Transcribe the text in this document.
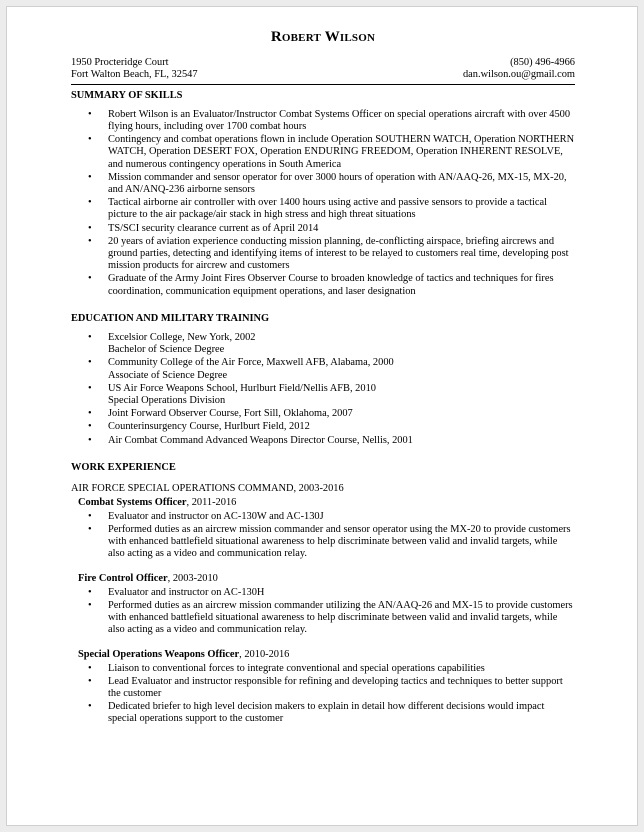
Robert Wilson
1950 Procteridge Court
Fort Walton Beach, FL, 32547
(850) 496-4966
dan.wilson.ou@gmail.com
SUMMARY OF SKILLS
• Robert Wilson is an Evaluator/Instructor Combat Systems Officer on special operations aircraft with over 4500 flying hours, including over 1700 combat hours
• Contingency and combat operations flown in include Operation SOUTHERN WATCH, Operation NORTHERN WATCH, Operation DESERT FOX, Operation ENDURING FREEDOM, Operation INHERENT RESOLVE, and numerous contingency operations in South America
• Mission commander and sensor operator for over 3000 hours of operation with AN/AAQ-26, MX-15, MX-20, and AN/ANQ-236 airborne sensors
• Tactical airborne air controller with over 1400 hours using active and passive sensors to provide a tactical picture to the air package/air stack in high stress and high threat situations
• TS/SCI security clearance current as of April 2014
• 20 years of aviation experience conducting mission planning, de-conflicting airspace, briefing aircrews and ground parties, detecting and identifying items of interest to be relayed to customers real time, developing post mission products for aircrew and customers
• Graduate of the Army Joint Fires Observer Course to broaden knowledge of tactics and techniques for fires coordination, communication equipment operations, and laser designation
EDUCATION AND MILITARY TRAINING
• Excelsior College, New York, 2002
Bachelor of Science Degree
• Community College of the Air Force, Maxwell AFB, Alabama, 2000
Associate of Science Degree
• US Air Force Weapons School, Hurlburt Field/Nellis AFB, 2010
Special Operations Division
• Joint Forward Observer Course, Fort Sill, Oklahoma, 2007
• Counterinsurgency Course, Hurlburt Field, 2012
• Air Combat Command Advanced Weapons Director Course, Nellis, 2001
WORK EXPERIENCE
AIR FORCE SPECIAL OPERATIONS COMMAND, 2003-2016
Combat Systems Officer, 2011-2016
• Evaluator and instructor on AC-130W and AC-130J
• Performed duties as an aircrew mission commander and sensor operator using the MX-20 to provide customers with enhanced battlefield situational awareness to help discriminate between valid and invalid targets, while also acting as a video and communication relay.
Fire Control Officer, 2003-2010
• Evaluator and instructor on AC-130H
• Performed duties as an aircrew mission commander utilizing the AN/AAQ-26 and MX-15 to provide customers with enhanced battlefield situational awareness to help discriminate between valid and invalid targets, while also acting as a video and communication relay.
Special Operations Weapons Officer, 2010-2016
• Liaison to conventional forces to integrate conventional and special operations capabilities
• Lead Evaluator and instructor responsible for refining and developing tactics and techniques to better support the customer
• Dedicated briefer to high level decision makers to explain in detail how different decisions would impact special operations support to the customer
